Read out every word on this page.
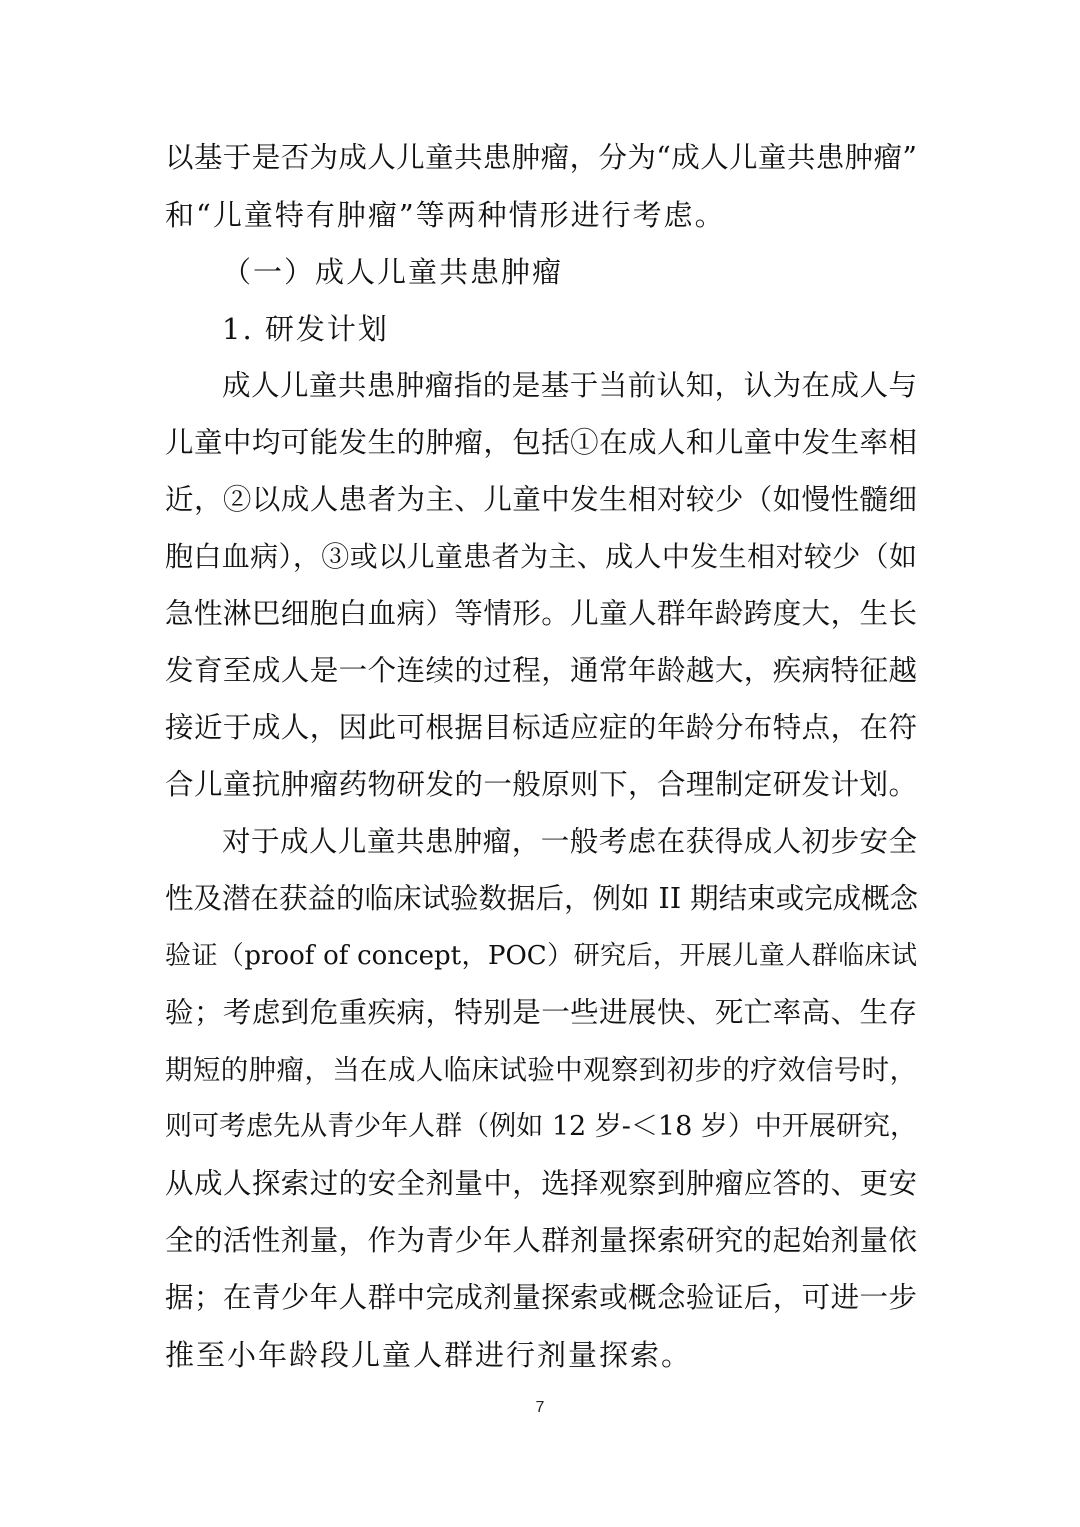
以基于是否为成人儿童共患肿瘤，分为“成人儿童共患肿瘤”
和“儿童特有肿瘤”等两种情形进行考虑。
（一）成人儿童共患肿瘤
1. 研发计划
成人儿童共患肿瘤指的是基于当前认知，认为在成人与
儿童中均可能发生的肿瘤，包括①在成人和儿童中发生率相
近，②以成人患者为主、儿童中发生相对较少（如慢性髓细
胞白血病），③或以儿童患者为主、成人中发生相对较少（如
急性淋巴细胞白血病）等情形。儿童人群年龄跨度大，生长
发育至成人是一个连续的过程，通常年龄越大，疾病特征越
接近于成人，因此可根据目标适应症的年龄分布特点，在符
合儿童抗肿瘤药物研发的一般原则下，合理制定研发计划。
对于成人儿童共患肿瘤，一般考虑在获得成人初步安全
性及潜在获益的临床试验数据后，例如 II 期结束或完成概念
验证（proof of concept，POC）研究后，开展儿童人群临床试
验；考虑到危重疾病，特别是一些进展快、死亡率高、生存
期短的肿瘤，当在成人临床试验中观察到初步的疗效信号时，
则可考虑先从青少年人群（例如 12 岁-＜18 岁）中开展研究，
从成人探索过的安全剂量中，选择观察到肿瘤应答的、更安
全的活性剂量，作为青少年人群剂量探索研究的起始剂量依
据；在青少年人群中完成剂量探索或概念验证后，可进一步
推至小年龄段儿童人群进行剂量探索。
7
